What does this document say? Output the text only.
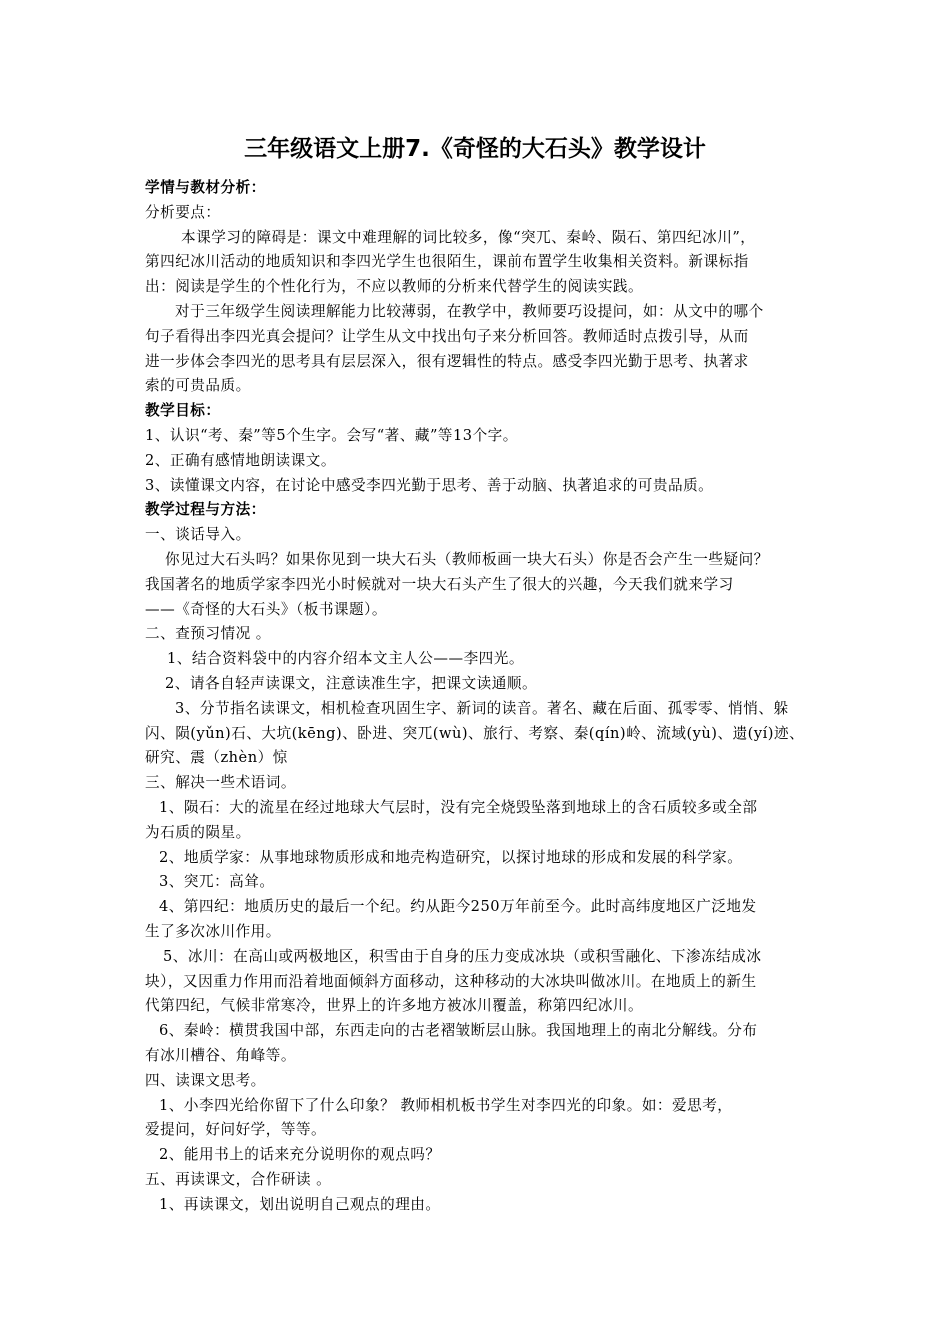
三年级语文上册7.《奇怪的大石头》教学设计
学情与教材分析：
分析要点：
本课学习的障碍是：课文中难理解的词比较多，像“突兀、秦岭、陨石、第四纪冰川”，
第四纪冰川活动的地质知识和李四光学生也很陌生，课前布置学生收集相关资料。新课标指
出：阅读是学生的个性化行为，不应以教师的分析来代替学生的阅读实践。
对于三年级学生阅读理解能力比较薄弱，在教学中，教师要巧设提问，如：从文中的哪个
句子看得出李四光真会提问？让学生从文中找出句子来分析回答。教师适时点拨引导，从而
进一步体会李四光的思考具有层层深入，很有逻辑性的特点。感受李四光勤于思考、执著求
索的可贵品质。
教学目标：
1、认识“考、秦”等5个生字。会写“著、藏”等13个字。
2、正确有感情地朗读课文。
3、读懂课文内容，在讨论中感受李四光勤于思考、善于动脑、执著追求的可贵品质。
教学过程与方法：
一、谈话导入。
你见过大石头吗？如果你见到一块大石头（教师板画一块大石头）你是否会产生一些疑问？
我国著名的地质学家李四光小时候就对一块大石头产生了很大的兴趣，今天我们就来学习
——《奇怪的大石头》（板书课题）。
二、查预习情况 。
1、结合资料袋中的内容介绍本文主人公——李四光。
2、请各自轻声读课文，注意读准生字，把课文读通顺。
3、分节指名读课文，相机检查巩固生字、新词的读音。著名、藏在后面、孤零零、悄悄、躲
闪、陨(yǔn)石、大坑(kēng)、卧进、突兀(wù)、旅行、考察、秦(qín)岭、流域(yù)、遗(yí)迹、
研究、震（zhèn）惊
三、解决一些术语词。
1、陨石：大的流星在经过地球大气层时，没有完全烧毁坠落到地球上的含石质较多或全部
为石质的陨星。
2、地质学家：从事地球物质形成和地壳构造研究，以探讨地球的形成和发展的科学家。
3、突兀：高耸。
4、第四纪：地质历史的最后一个纪。约从距今250万年前至今。此时高纬度地区广泛地发
生了多次冰川作用。
5、冰川：在高山或两极地区，积雪由于自身的压力变成冰块（或积雪融化、下渗冻结成冰
块），又因重力作用而沿着地面倾斜方面移动，这种移动的大冰块叫做冰川。在地质上的新生
代第四纪，气候非常寒冷，世界上的许多地方被冰川覆盖，称第四纪冰川。
6、秦岭：横贯我国中部，东西走向的古老褶皱断层山脉。我国地理上的南北分解线。分布
有冰川槽谷、角峰等。
四、读课文思考。
1、小李四光给你留下了什么印象？ 教师相机板书学生对李四光的印象。如：爱思考，
爱提问，好问好学，等等。
2、能用书上的话来充分说明你的观点吗？
五、再读课文，合作研读 。
1、再读课文，划出说明自己观点的理由。
